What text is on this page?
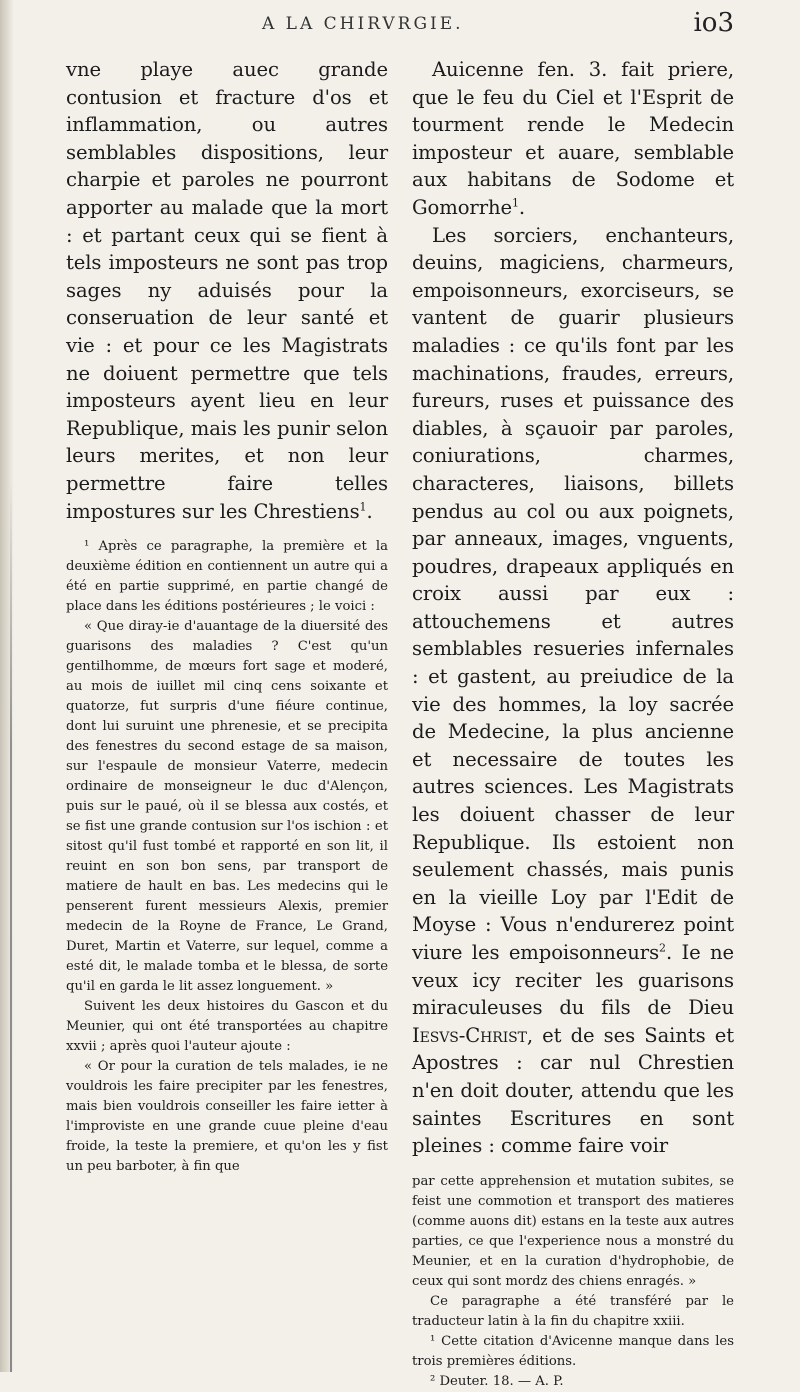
A LA CHIRVRGIE.	io3

vne playe auec grande contusion et fracture d'os et inflammation, ou autres semblables dispositions, leur charpie et paroles ne pourront apporter au malade que la mort : et partant ceux qui se fient à tels imposteurs ne sont pas trop sages ny aduisés pour la conseruation de leur santé et vie : et pour ce les Magistrats ne doiuent permettre que tels imposteurs ayent lieu en leur Republique, mais les punir selon leurs merites, et non leur permettre faire telles impostures sur les Chrestiens$^1$.

¹ Après ce paragraphe, la première et la deuxième édition en contiennent un autre qui a été en partie supprimé, en partie changé de place dans les éditions postérieures ; le voici :

« Que diray-ie d'auantage de la diuersité des guarisons des maladies ? C'est qu'un gentilhomme, de mœurs fort sage et moderé, au mois de iuillet mil cinq cens soixante et quatorze, fut surpris d'une fiéure continue, dont lui suruint une phrenesie, et se precipita des fenestres du second estage de sa maison, sur l'espaule de monsieur Vaterre, medecin ordinaire de monseigneur le duc d'Alençon, puis sur le paué, où il se blessa aux costés, et se fist une grande contusion sur l'os ischion : et sitost qu'il fust tombé et rapporté en son lit, il reuint en son bon sens, par transport de matiere de hault en bas. Les medecins qui le penserent furent messieurs Alexis, premier medecin de la Royne de France, Le Grand, Duret, Martin et Vaterre, sur lequel, comme a esté dit, le malade tomba et le blessa, de sorte qu'il en garda le lit assez longuement. »

Suivent les deux histoires du Gascon et du Meunier, qui ont été transportées au chapitre xxvii ; après quoi l'auteur ajoute :

« Or pour la curation de tels malades, ie ne vouldrois les faire precipiter par les fenestres, mais bien vouldrois conseiller les faire ietter à l'improviste en une grande cuue pleine d'eau froide, la teste la premiere, et qu'on les y fist un peu barboter, à fin que

Auicenne fen. 3. fait priere, que le feu du Ciel et l'Esprit de tourment rende le Medecin imposteur et auare, semblable aux habitans de Sodome et Gomorrhe$^1$.

Les sorciers, enchanteurs, deuins, magiciens, charmeurs, empoisonneurs, exorciseurs, se vantent de guarir plusieurs maladies : ce qu'ils font par les machinations, fraudes, erreurs, fureurs, ruses et puissance des diables, à sçauoir par paroles, coniurations, charmes, characteres, liaisons, billets pendus au col ou aux poignets, par anneaux, images, vnguents, poudres, drapeaux appliqués en croix aussi par eux : attouchemens et autres semblables resueries infernales : et gastent, au preiudice de la vie des hommes, la loy sacrée de Medecine, la plus ancienne et necessaire de toutes les autres sciences. Les Magistrats les doiuent chasser de leur Republique. Ils estoient non seulement chassés, mais punis en la vieille Loy par l'Edit de Moyse : Vous n'endurerez point viure les empoisonneurs$^2$. Ie ne veux icy reciter les guarisons miraculeuses du fils de Dieu Iesvs-Christ, et de ses Saints et Apostres : car nul Chrestien n'en doit douter, attendu que les saintes Escritures en sont pleines : comme faire voir

par cette apprehension et mutation subites, se feist une commotion et transport des matieres (comme auons dit) estans en la teste aux autres parties, ce que l'experience nous a monstré du Meunier, et en la curation d'hydrophobie, de ceux qui sont mordz des chiens enragés. »

Ce paragraphe a été transféré par le traducteur latin à la fin du chapitre xxiii.

¹ Cette citation d'Avicenne manque dans les trois premières éditions.

² Deuter. 18. — A. P.
